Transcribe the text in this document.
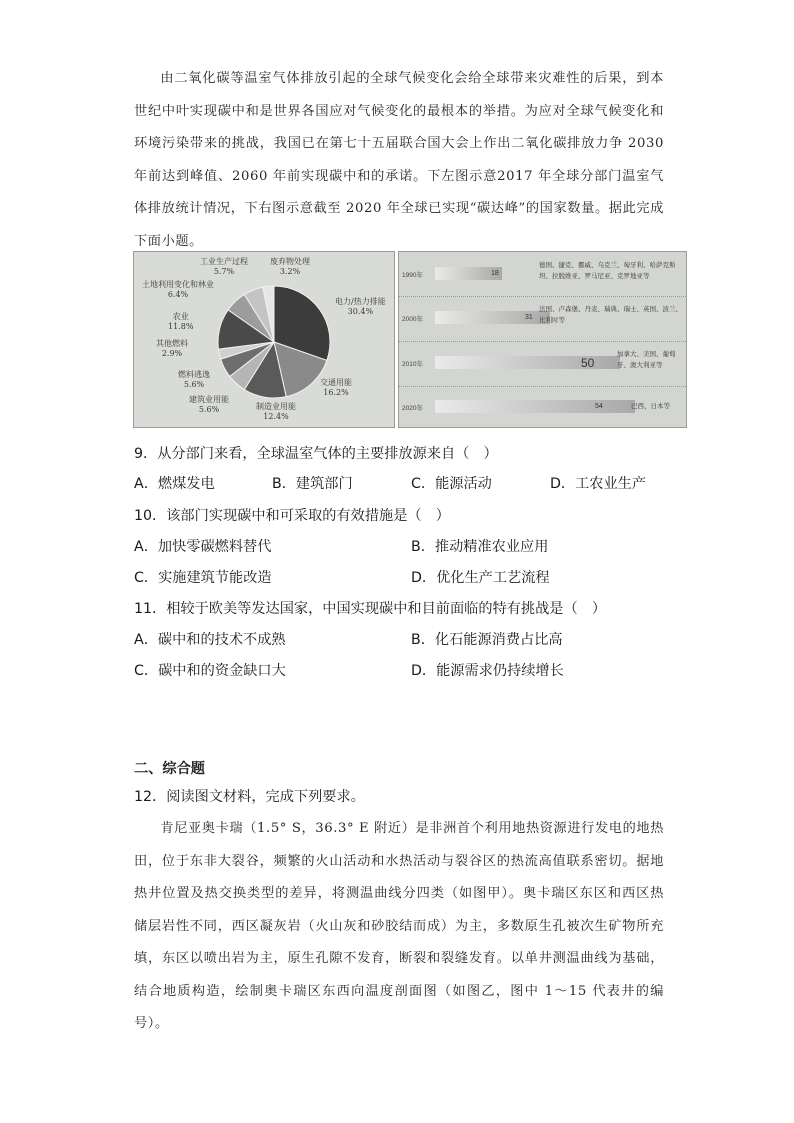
由二氧化碳等温室气体排放引起的全球气候变化会给全球带来灾难性的后果，到本世纪中叶实现碳中和是世界各国应对气候变化的最根本的举措。为应对全球气候变化和环境污染带来的挑战，我国已在第七十五届联合国大会上作出二氧化碳排放力争 2030 年前达到峰值、2060 年前实现碳中和的承诺。下左图示意2017 年全球分部门温室气体排放统计情况，下右图示意截至 2020 年全球已实现“碳达峰”的国家数量。据此完成下面小题。
工业生产过程
5.7%
废弃物处理
3.2%
土地利用变化和林业
6.4%
农业
11.8%
其他燃料
2.9%
燃料逃逸
5.6%
建筑业用能
5.6%	制造业用能
12.4%
交通用能
16.2%
电力/热力排能
30.4%
1990年	18
德国、捷克、挪威、乌克兰、匈牙利、哈萨克斯坦、拉脱维亚、罗马尼亚、克罗地亚等
2000年	31
法国、卢森堡、丹麦、瑞典、瑞士、英国、波兰、比利时等
2010年	50
加拿大、美国、葡萄牙、澳大利亚等
2020年	54	巴西、日本等
9．从分部门来看，全球温室气体的主要排放源来自（　）
A．燃煤发电	B．建筑部门	C．能源活动	D．工农业生产
10．该部门实现碳中和可采取的有效措施是（　）
A．加快零碳燃料替代	B．推动精准农业应用
C．实施建筑节能改造	D．优化生产工艺流程
11．相较于欧美等发达国家，中国实现碳中和目前面临的特有挑战是（　）
A．碳中和的技术不成熟	B．化石能源消费占比高
C．碳中和的资金缺口大	D．能源需求仍持续增长
二、综合题
12．阅读图文材料，完成下列要求。
肯尼亚奥卡瑞（1.5° S，36.3° E 附近）是非洲首个利用地热资源进行发电的地热田，位于东非大裂谷，频繁的火山活动和水热活动与裂谷区的热流高值联系密切。据地热井位置及热交换类型的差异，将测温曲线分四类（如图甲）。奥卡瑞区东区和西区热储层岩性不同，西区凝灰岩（火山灰和砂胶结而成）为主，多数原生孔被次生矿物所充填，东区以喷出岩为主，原生孔隙不发育，断裂和裂缝发育。以单井测温曲线为基础，结合地质构造，绘制奥卡瑞区东西向温度剖面图（如图乙，图中 1～15 代表井的编号）。
